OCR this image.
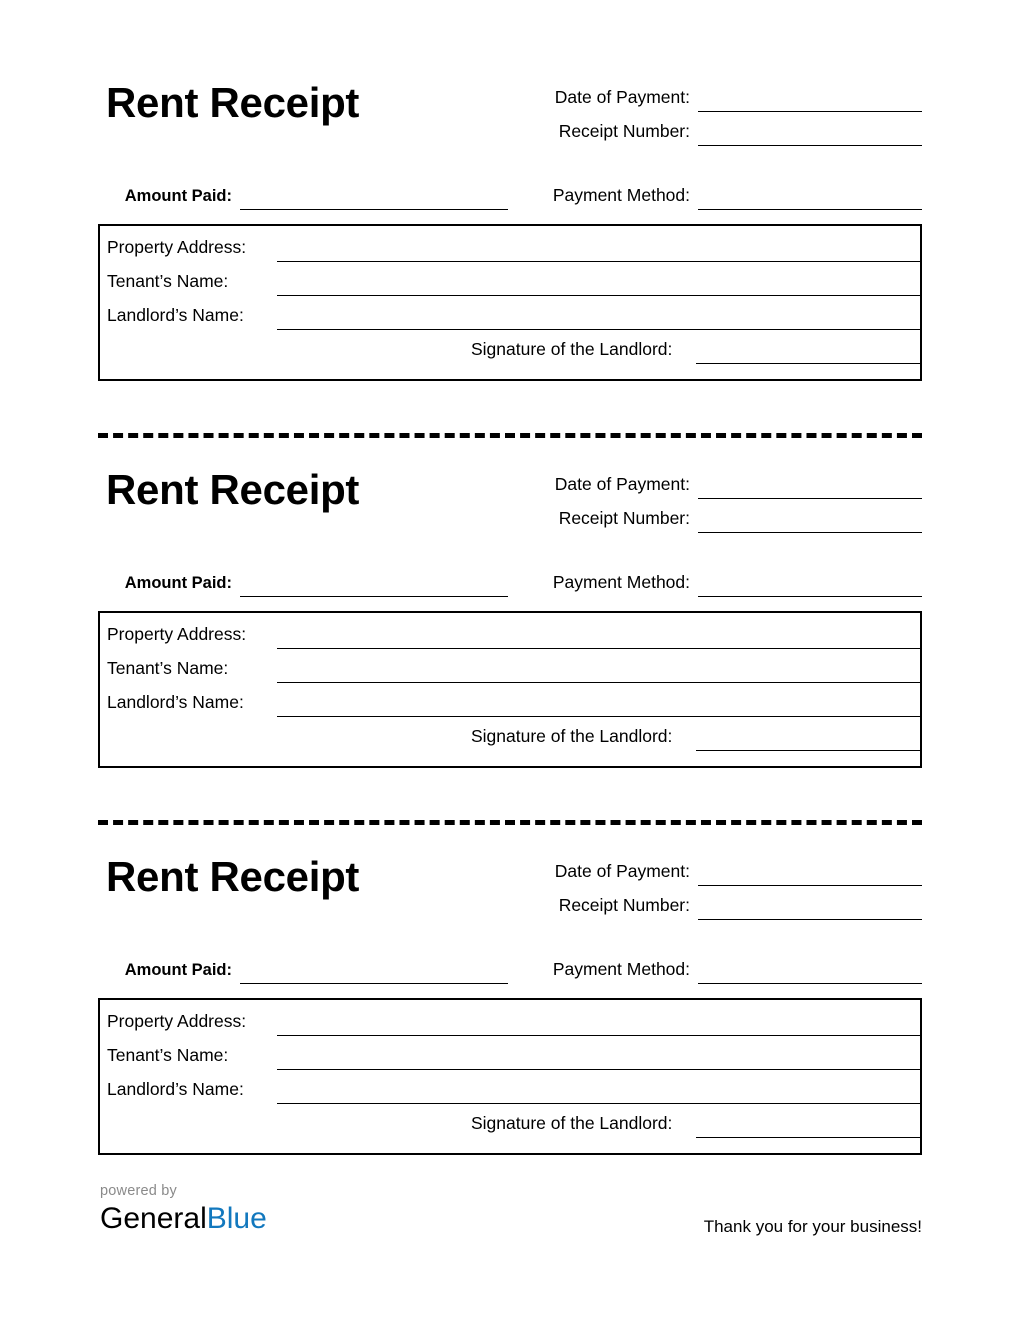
Rent Receipt	Date of Payment:
Receipt Number:
Amount Paid:	Payment Method:
Property Address:
Tenant’s Name:
Landlord’s Name:
Signature of the Landlord:
Rent Receipt	Date of Payment:
Receipt Number:
Amount Paid:	Payment Method:
Property Address:
Tenant’s Name:
Landlord’s Name:
Signature of the Landlord:
Rent Receipt	Date of Payment:
Receipt Number:
Amount Paid:	Payment Method:
Property Address:
Tenant’s Name:
Landlord’s Name:
Signature of the Landlord:
powered by
GeneralBlue	Thank you for your business!
